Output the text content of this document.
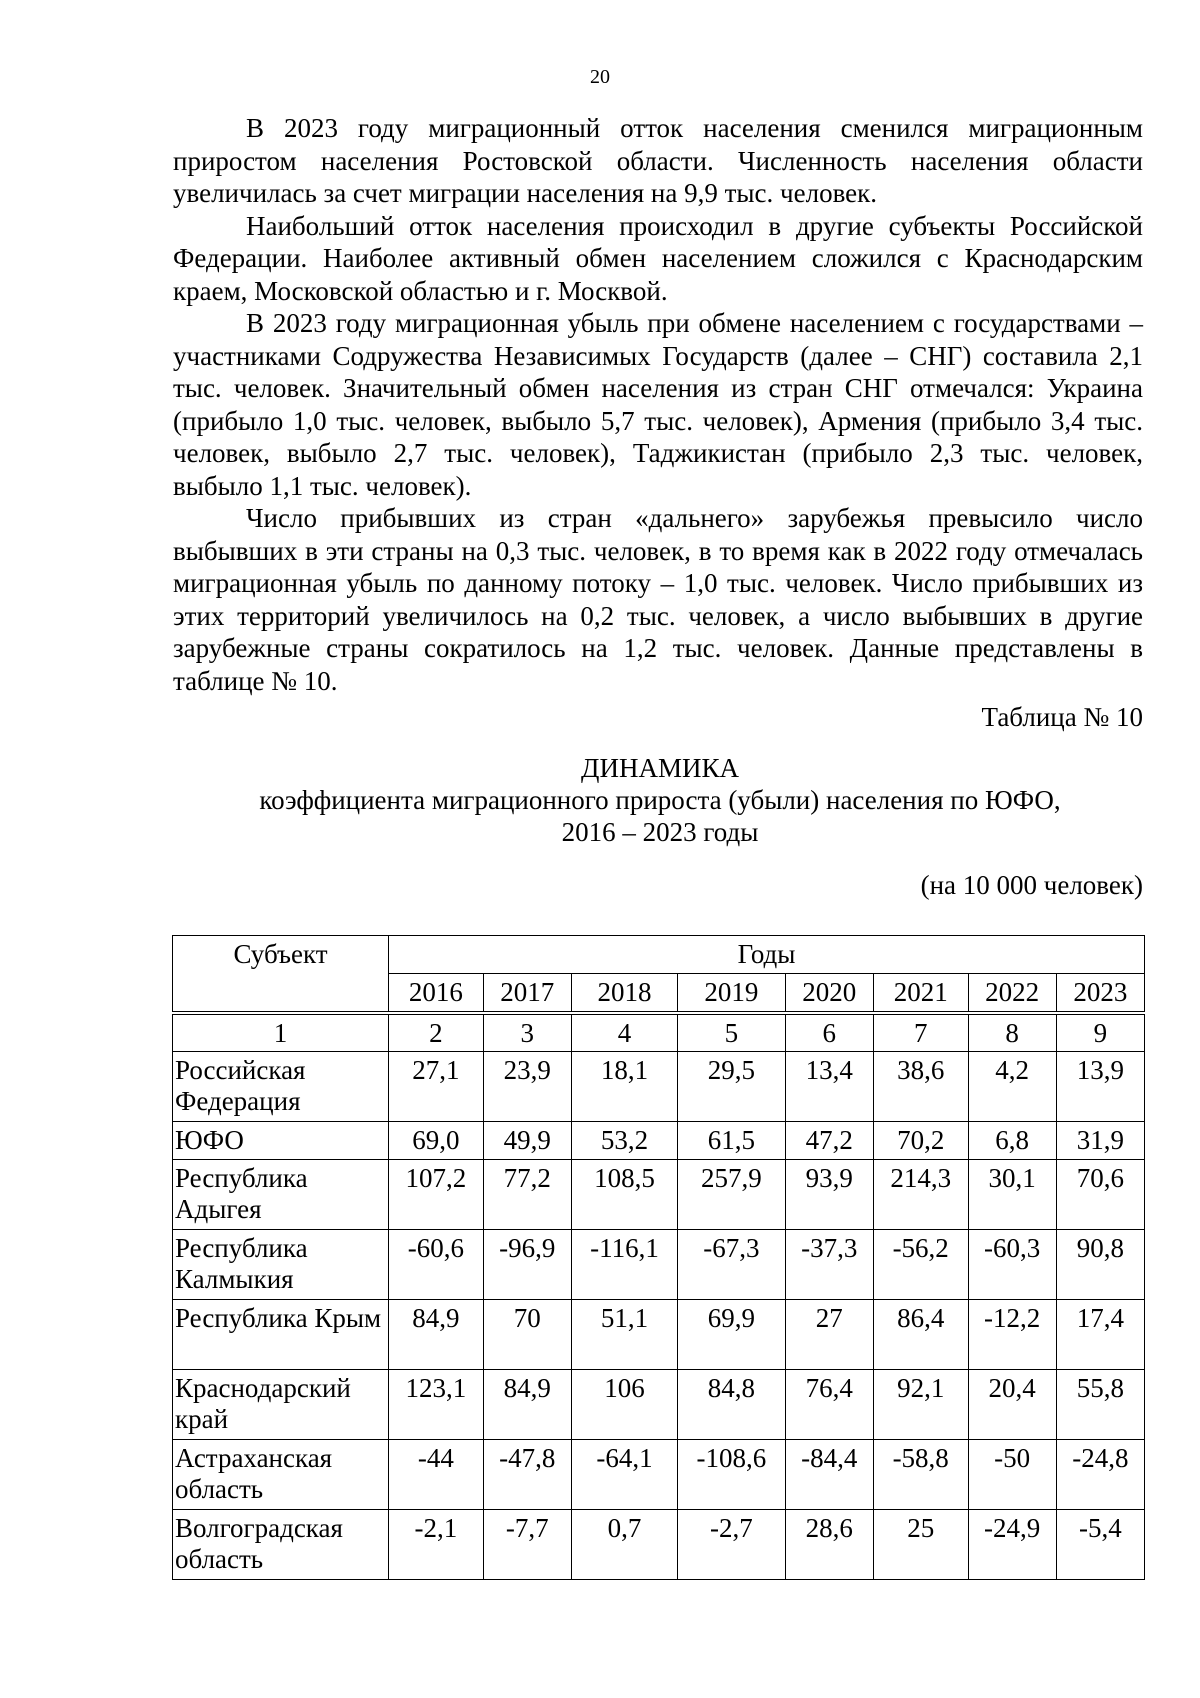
20

В 2023 году миграционный отток населения сменился миграционным приростом населения Ростовской области. Численность населения области увеличилась за счет миграции населения на 9,9 тыс. человек.

Наибольший отток населения происходил в другие субъекты Российской Федерации. Наиболее активный обмен населением сложился с Краснодарским краем, Московской областью и г. Москвой.

В 2023 году миграционная убыль при обмене населением с государствами – участниками Содружества Независимых Государств (далее – СНГ) составила 2,1 тыс. человек. Значительный обмен населения из стран СНГ отмечался: Украина (прибыло 1,0 тыс. человек, выбыло 5,7 тыс. человек), Армения (прибыло 3,4 тыс. человек, выбыло 2,7 тыс. человек), Таджикистан (прибыло 2,3 тыс. человек, выбыло 1,1 тыс. человек).

Число прибывших из стран «дальнего» зарубежья превысило число выбывших в эти страны на 0,3 тыс. человек, в то время как в 2022 году отмечалась миграционная убыль по данному потоку – 1,0 тыс. человек. Число прибывших из этих территорий увеличилось на 0,2 тыс. человек, а число выбывших в другие зарубежные страны сократилось на 1,2 тыс. человек. Данные представлены в таблице № 10.

Таблица № 10
ДИНАМИКА
коэффициента миграционного прироста (убыли) населения по ЮФО,
2016 – 2023 годы
(на 10 000 человек)
Субъект	Годы							
	2016	2017	2018	2019	2020	2021	2022	2023
1	2	3	4	5	6	7	8	9
Российская Федерация	27,1	23,9	18,1	29,5	13,4	38,6	4,2	13,9
ЮФО	69,0	49,9	53,2	61,5	47,2	70,2	6,8	31,9
Республика Адыгея	107,2	77,2	108,5	257,9	93,9	214,3	30,1	70,6
Республика Калмыкия	-60,6	-96,9	-116,1	-67,3	-37,3	-56,2	-60,3	90,8
Республика Крым	84,9	70	51,1	69,9	27	86,4	-12,2	17,4
Краснодарский край	123,1	84,9	106	84,8	76,4	92,1	20,4	55,8
Астраханская область	-44	-47,8	-64,1	-108,6	-84,4	-58,8	-50	-24,8
Волгоградская область	-2,1	-7,7	0,7	-2,7	28,6	25	-24,9	-5,4
